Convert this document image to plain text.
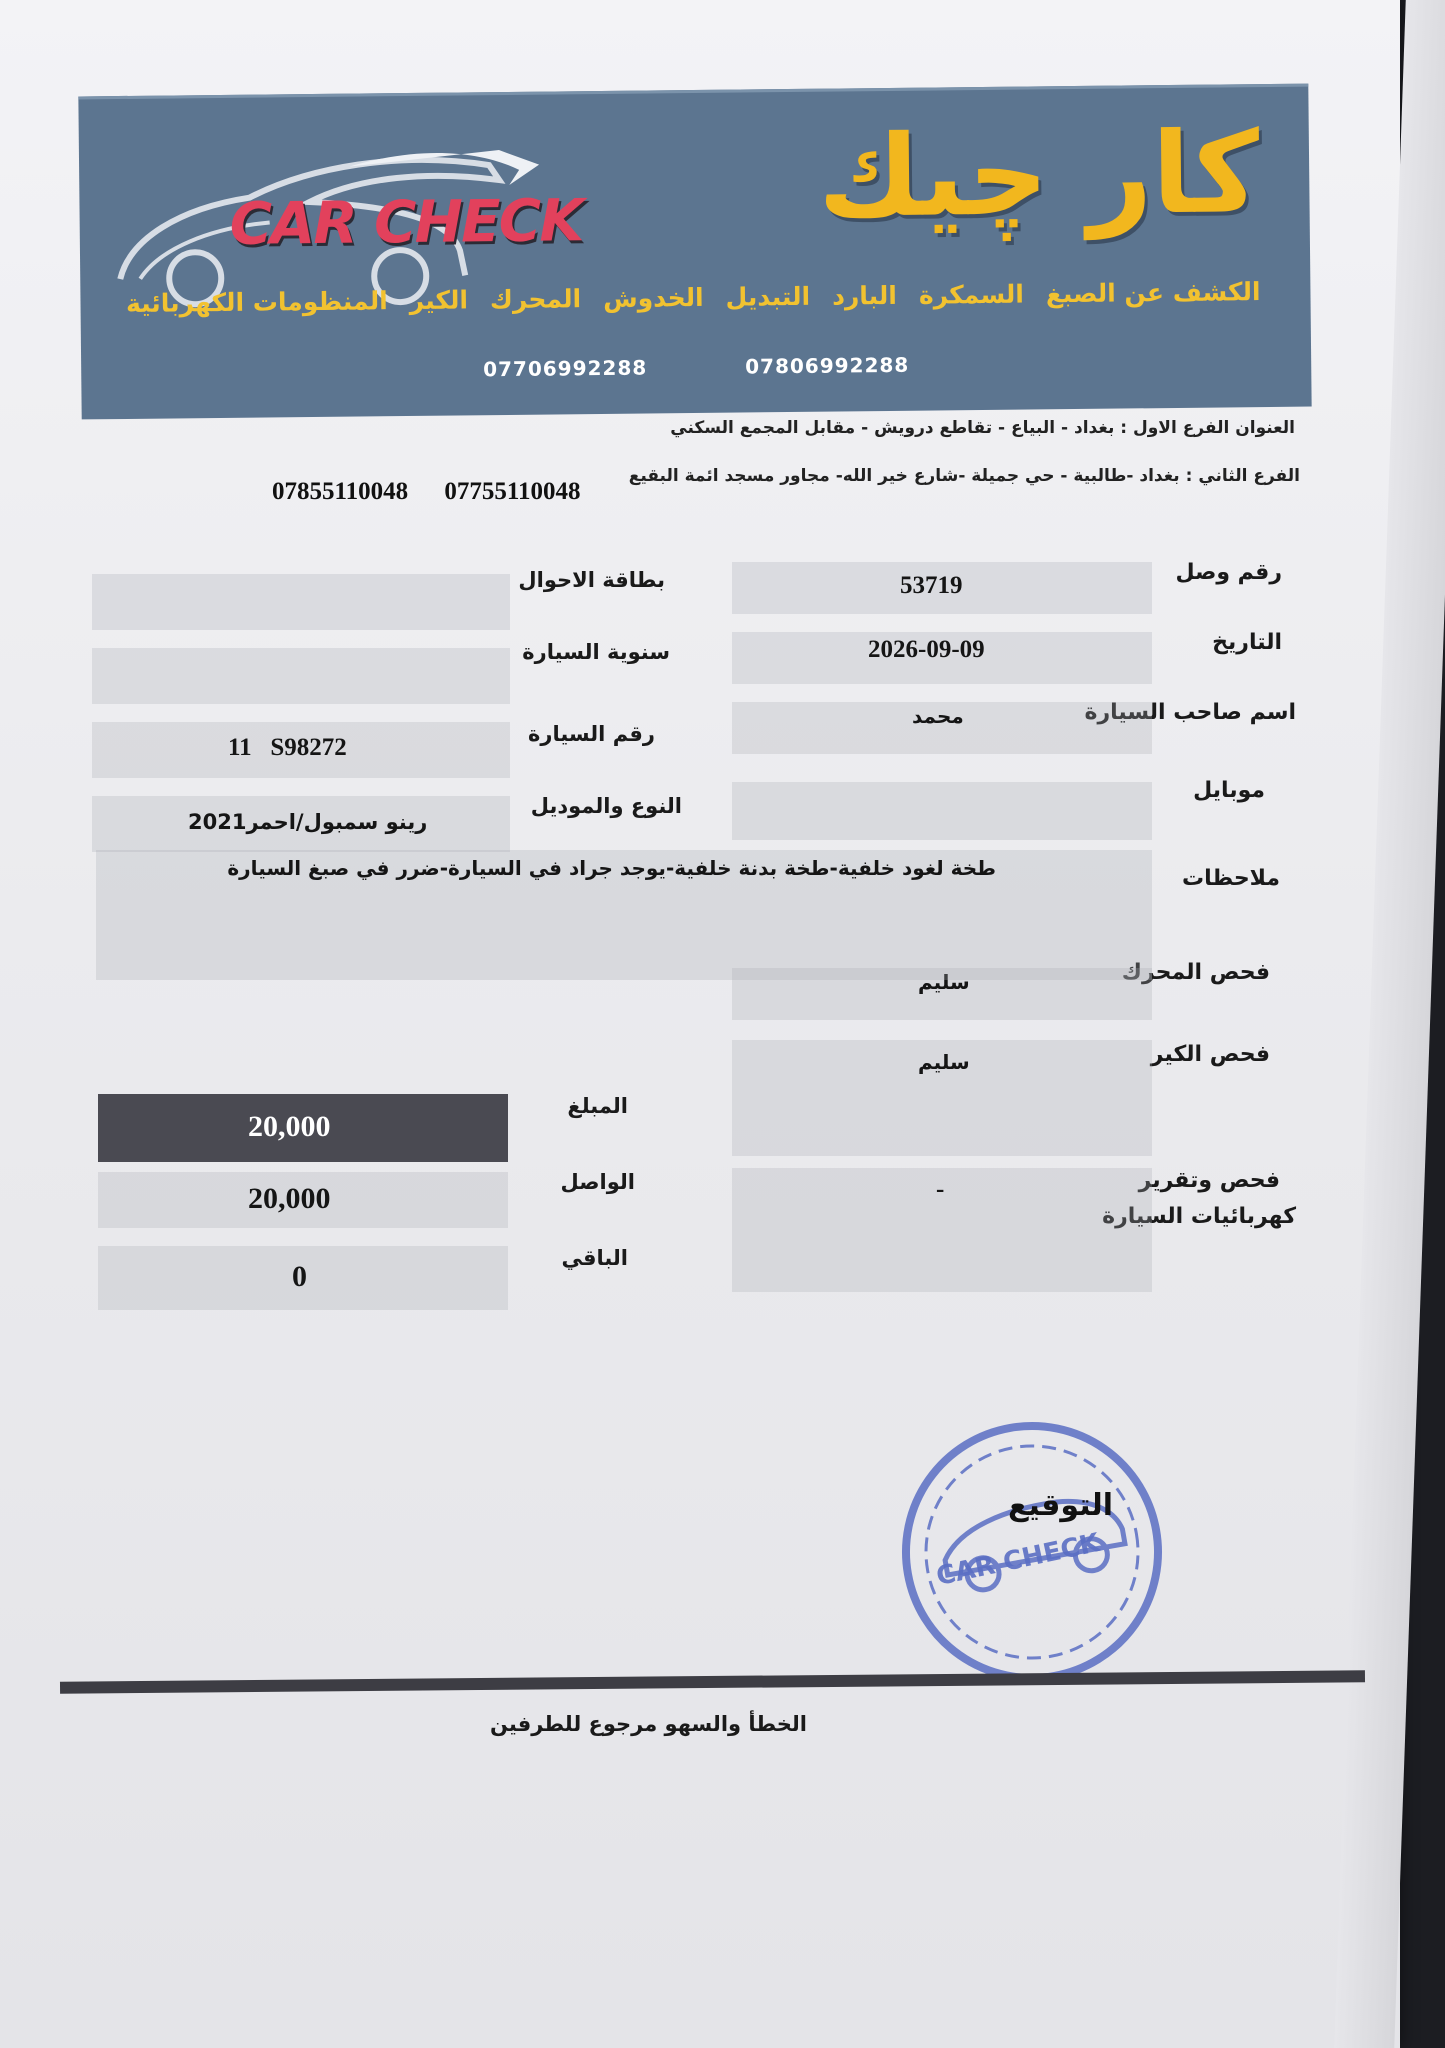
CAR CHECK كار چيك
الكشف عن الصبغ
السمكرة
البارد
التبديل
الخدوش
المحرك
الكير
المنظومات الكهربائية
07706992288	07806992288
العنوان الفرع الاول : بغداد - البياع - تقاطع درويش - مقابل المجمع السكني
الفرع الثاني : بغداد -طالبية - حي جميلة -شارع خير الله- مجاور مسجد ائمة البقيع
07855110048 07755110048
رقم وصل
التاريخ
اسم صاحب السيارة
موبايل
ملاحظات
فحص المحرك
فحص الكير
فحص وتقرير
كهربائيات السيارة
53719
2026-09-09
محمد
سليم
سليم
-
طخة لغود خلفية-طخة بدنة خلفية-يوجد جراد في السيارة-ضرر في صبغ السيارة
بطاقة الاحوال
سنوية السيارة
رقم السيارة
النوع والموديل
المبلغ
الواصل
الباقي
11   S98272
رينو سمبول/احمر2021
20,000
20,000
0
CAR CHECK
التوقيع
الخطأ والسهو مرجوع للطرفين
